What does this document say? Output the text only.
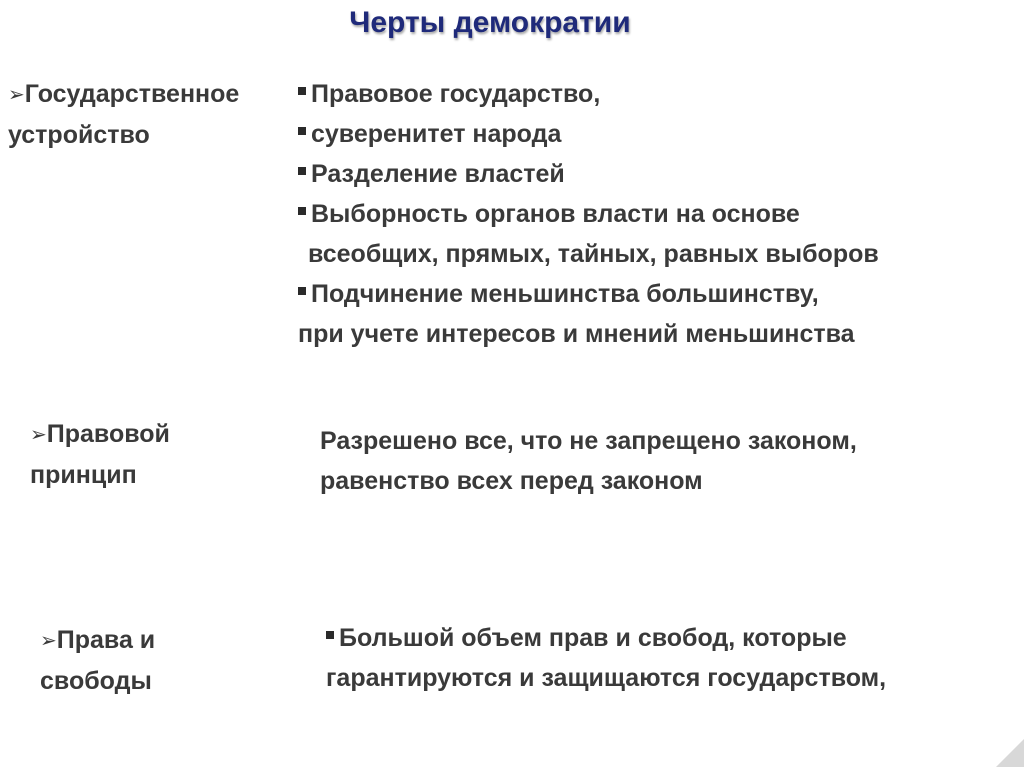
Черты демократии
➢Государственное
устройство
Правовое государство,
суверенитет народа
Разделение властей
Выборность органов власти на основе
всеобщих, прямых, тайных, равных выборов
Подчинение меньшинства большинству,
при учете интересов и мнений меньшинства
➢Правовой
принцип
Разрешено все, что не запрещено законом,
равенство всех перед законом
➢Права и
свободы
Большой объем прав и свобод, которые
гарантируются и защищаются государством,
